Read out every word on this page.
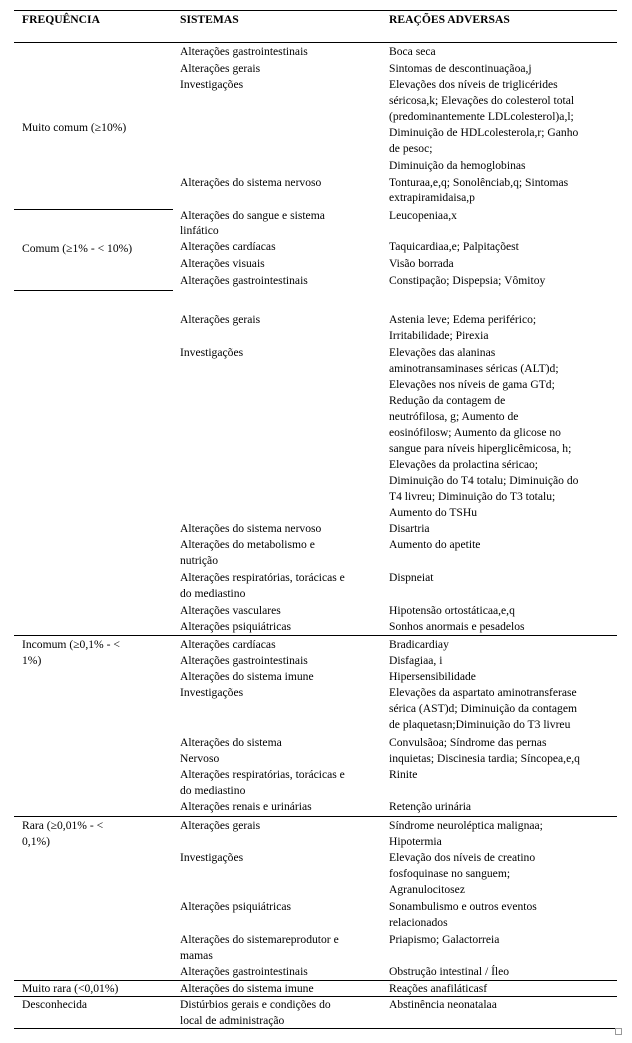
FREQUÊNCIA	SISTEMAS	REAÇÕES ADVERSAS
Muito comum (≥10%)
Comum (≥1% - < 10%)
Incomum (≥0,1% - <
1%)
Rara (≥0,01% - <
0,1%)
Muito rara (<0,01%)
Desconhecida
Alterações gastrointestinais
Alterações gerais
Investigações
Alterações do sistema nervoso
Alterações do sangue e sistema
linfático
Alterações cardíacas
Alterações visuais
Alterações gastrointestinais
Alterações gerais
Investigações
Alterações do sistema nervoso
Alterações do metabolismo e
nutrição
Alterações respiratórias, torácicas e
do mediastino
Alterações vasculares
Alterações psiquiátricas
Alterações cardíacas
Alterações gastrointestinais
Alterações do sistema imune
Investigações
Alterações do sistema
Nervoso
Alterações respiratórias, torácicas e
do mediastino
Alterações renais e urinárias
Alterações gerais
Investigações
Alterações psiquiátricas
Alterações do sistemareprodutor e
mamas
Alterações gastrointestinais
Alterações do sistema imune
Distúrbios gerais e condições do
local de administração
Boca seca
Sintomas de descontinuaçãoa,j
Elevações dos níveis de triglicérides
séricosa,k; Elevações do colesterol total
(predominantemente LDLcolesterol)a,l;
Diminuição de HDLcolesterola,r; Ganho
de pesoc;
Diminuição da hemoglobinas
Tonturaa,e,q; Sonolênciab,q; Sintomas
extrapiramidaisa,p
Leucopeniaa,x
Taquicardiaa,e; Palpitaçõest
Visão borrada
Constipação; Dispepsia; Vômitoy
Astenia leve; Edema periférico;
Irritabilidade; Pirexia
Elevações das alaninas
aminotransaminases séricas (ALT)d;
Elevações nos níveis de gama GTd;
Redução da contagem de
neutrófilosa, g; Aumento de
eosinófilosw; Aumento da glicose no
sangue para níveis hiperglicêmicosa, h;
Elevações da prolactina séricao;
Diminuição do T4 totalu; Diminuição do
T4 livreu; Diminuição do T3 totalu;
Aumento do TSHu
Disartria
Aumento do apetite
Dispneiat
Hipotensão ortostáticaa,e,q
Sonhos anormais e pesadelos
Bradicardiay
Disfagiaa, i
Hipersensibilidade
Elevações da aspartato aminotransferase
sérica (AST)d; Diminuição da contagem
de plaquetasn;Diminuição do T3 livreu
Convulsãoa; Síndrome das pernas
inquietas; Discinesia tardia; Síncopea,e,q
Rinite
Retenção urinária
Síndrome neuroléptica malignaa;
Hipotermia
Elevação dos níveis de creatino
fosfoquinase no sanguem;
Agranulocitosez
Sonambulismo e outros eventos
relacionados
Priapismo; Galactorreia
Obstrução intestinal / Íleo
Reações anafiláticasf
Abstinência neonatalaa
